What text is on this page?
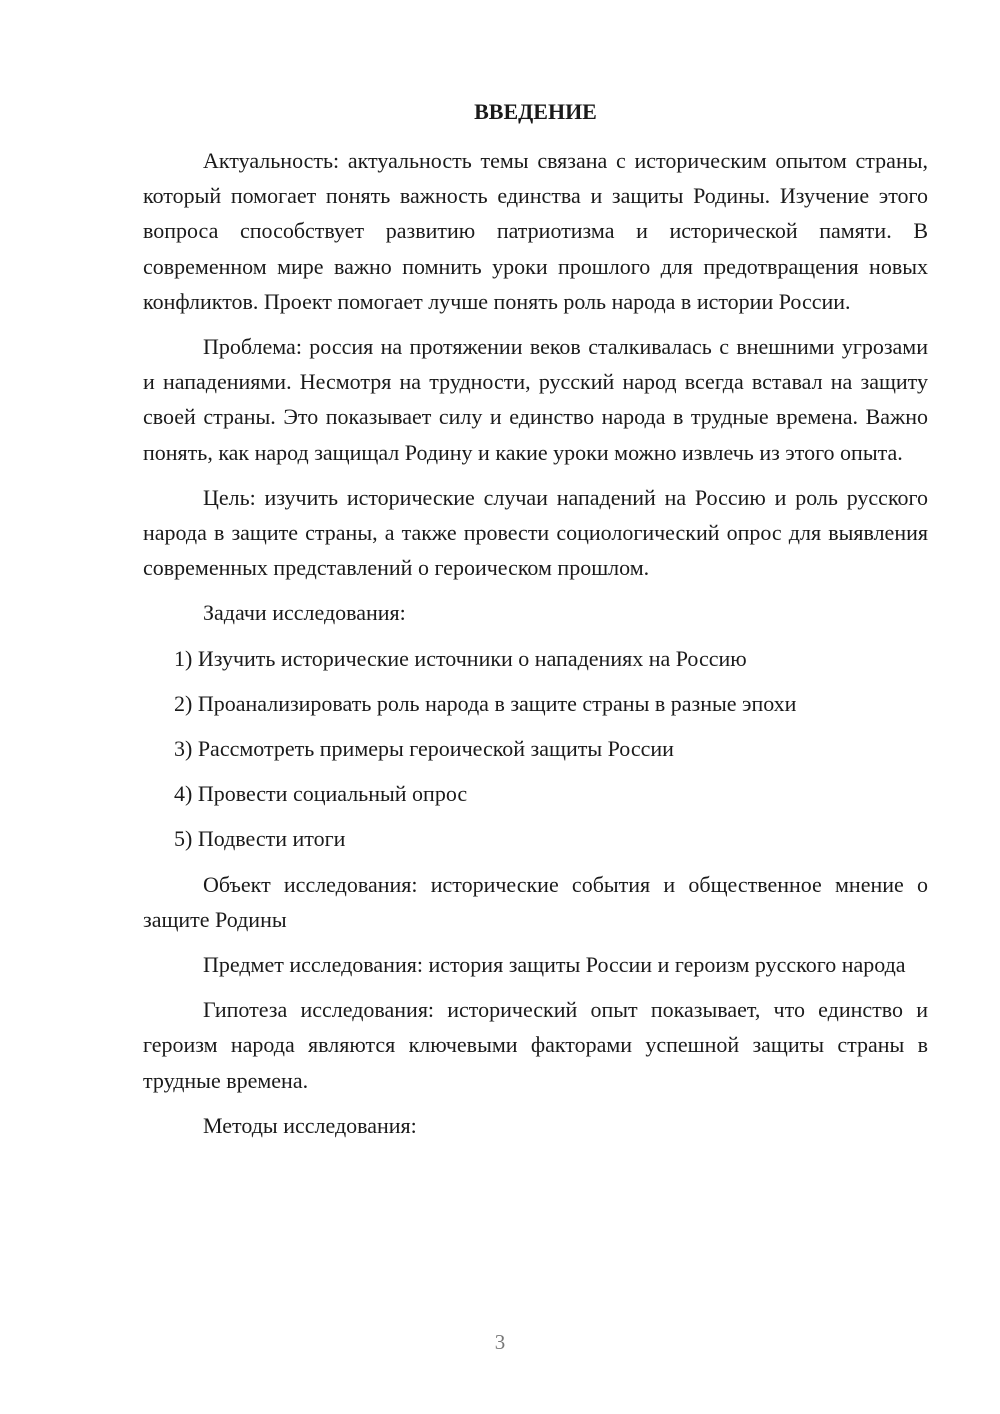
ВВЕДЕНИЕ

Актуальность: актуальность темы связана с историческим опытом страны, который помогает понять важность единства и защиты Родины. Изучение этого вопроса способствует развитию патриотизма и исторической памяти. В современном мире важно помнить уроки прошлого для предотвращения новых конфликтов. Проект помогает лучше понять роль народа в истории России.

Проблема: россия на протяжении веков сталкивалась с внешними угрозами и нападениями. Несмотря на трудности, русский народ всегда вставал на защиту своей страны. Это показывает силу и единство народа в трудные времена. Важно понять, как народ защищал Родину и какие уроки можно извлечь из этого опыта.

Цель: изучить исторические случаи нападений на Россию и роль русского народа в защите страны, а также провести социологический опрос для выявления современных представлений о героическом прошлом.

Задачи исследования:

1) Изучить исторические источники о нападениях на Россию
2) Проанализировать роль народа в защите страны в разные эпохи
3) Рассмотреть примеры героической защиты России
4) Провести социальный опрос
5) Подвести итоги

Объект исследования: исторические события и общественное мнение о защите Родины

Предмет исследования: история защиты России и героизм русского народа

Гипотеза исследования: исторический опыт показывает, что единство и героизм народа являются ключевыми факторами успешной защиты страны в трудные времена.

Методы исследования:

3
